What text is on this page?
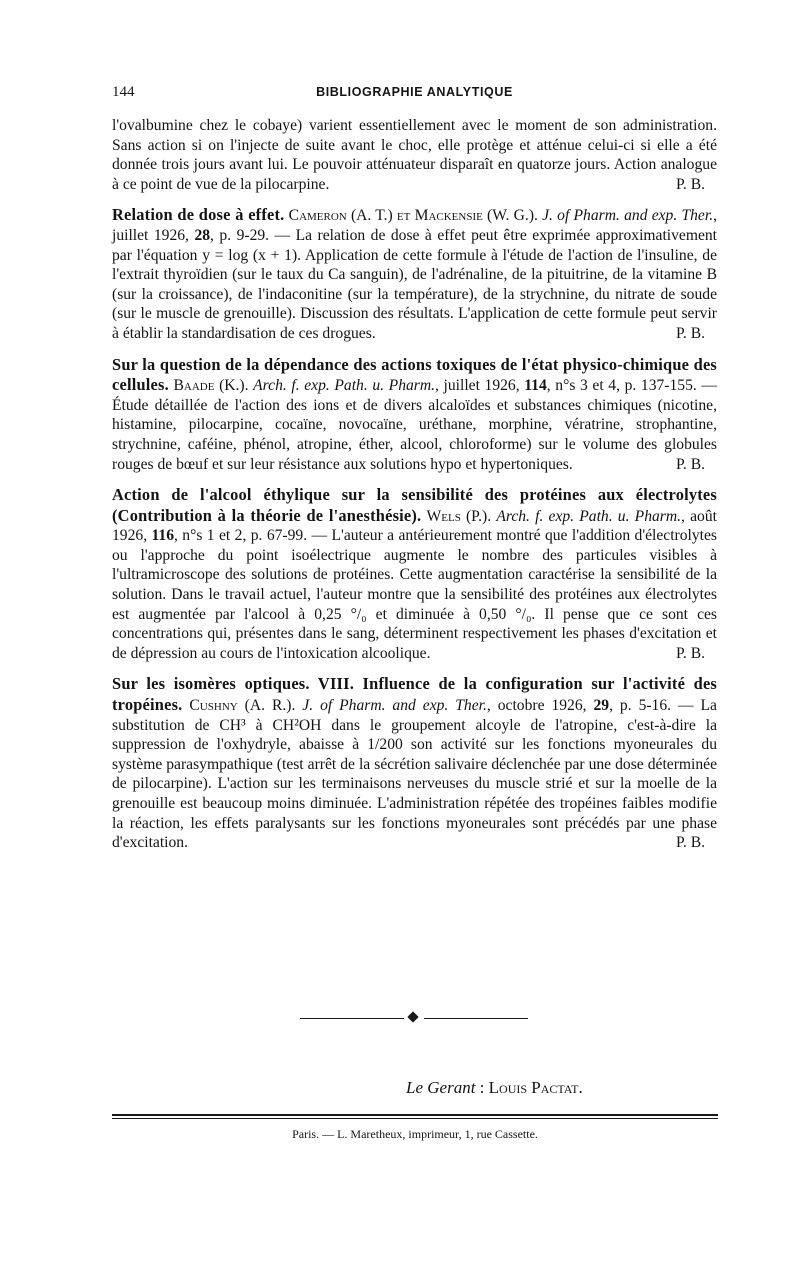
144	BIBLIOGRAPHIE ANALYTIQUE

l'ovalbumine chez le cobaye) varient essentiellement avec le moment de son administration. Sans action si on l'injecte de suite avant le choc, elle protège et atténue celui-ci si elle a été donnée trois jours avant lui. Le pouvoir atténuateur disparaît en quatorze jours. Action analogue à ce point de vue de la pilocarpine.	P. B.

Relation de dose à effet. Cameron (A. T.) et Mackensie (W. G.). J. of Pharm. and exp. Ther., juillet 1926, 28, p. 9-29. — La relation de dose à effet peut être exprimée approximativement par l'équation y = log (x + 1). Application de cette formule à l'étude de l'action de l'insuline, de l'extrait thyroïdien (sur le taux du Ca sanguin), de l'adrénaline, de la pituitrine, de la vitamine B (sur la croissance), de l'indaconitine (sur la température), de la strychnine, du nitrate de soude (sur le muscle de grenouille). Discussion des résultats. L'application de cette formule peut servir à établir la standardisation de ces drogues.	P. B.

Sur la question de la dépendance des actions toxiques de l'état physico-chimique des cellules. Baade (K.). Arch. f. exp. Path. u. Pharm., juillet 1926, 114, n°s 3 et 4, p. 137-155. — Étude détaillée de l'action des ions et de divers alcaloïdes et substances chimiques (nicotine, histamine, pilocarpine, cocaïne, novocaïne, uréthane, morphine, vératrine, strophantine, strychnine, caféine, phénol, atropine, éther, alcool, chloroforme) sur le volume des globules rouges de bœuf et sur leur résistance aux solutions hypo et hypertoniques.	P. B.

Action de l'alcool éthylique sur la sensibilité des protéines aux électrolytes (Contribution à la théorie de l'anesthésie). Wels (P.). Arch. f. exp. Path. u. Pharm., août 1926, 116, n°s 1 et 2, p. 67-99. — L'auteur a antérieurement montré que l'addition d'électrolytes ou l'approche du point isoélectrique augmente le nombre des particules visibles à l'ultramicroscope des solutions de protéines. Cette augmentation caractérise la sensibilité de la solution. Dans le travail actuel, l'auteur montre que la sensibilité des protéines aux électrolytes est augmentée par l'alcool à 0,25 °/₀ et diminuée à 0,50 °/₀. Il pense que ce sont ces concentrations qui, présentes dans le sang, déterminent respectivement les phases d'excitation et de dépression au cours de l'intoxication alcoolique.	P. B.

Sur les isomères optiques. VIII. Influence de la configuration sur l'activité des tropéines. Cushny (A. R.). J. of Pharm. and exp. Ther., octobre 1926, 29, p. 5-16. — La substitution de CH³ à CH²OH dans le groupement alcoyle de l'atropine, c'est-à-dire la suppression de l'oxhydryle, abaisse à 1/200 son activité sur les fonctions myoneurales du système parasympathique (test arrêt de la sécrétion salivaire déclenchée par une dose déterminée de pilocarpine). L'action sur les terminaisons nerveuses du muscle strié et sur la moelle de la grenouille est beaucoup moins diminuée. L'administration répétée des tropéines faibles modifie la réaction, les effets paralysants sur les fonctions myoneurales sont précédés par une phase d'excitation.	P. B.

Le Gerant : Louis Pactat.
Paris. — L. Maretheux, imprimeur, 1, rue Cassette.
